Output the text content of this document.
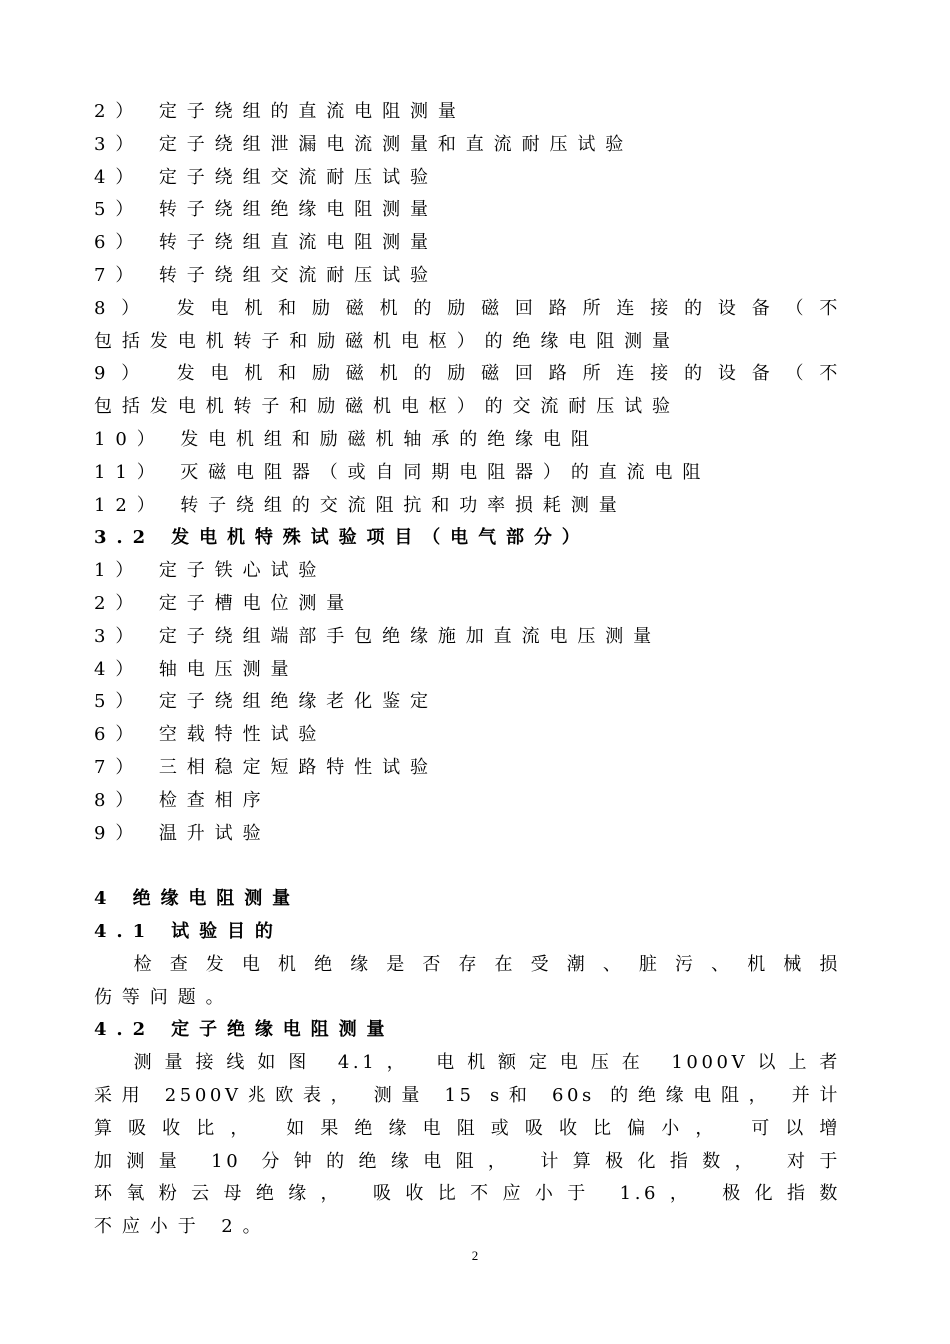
2） 定子绕组的直流电阻测量
3） 定子绕组泄漏电流测量和直流耐压试验
4） 定子绕组交流耐压试验
5） 转子绕组绝缘电阻测量
6） 转子绕组直流电阻测量
7） 转子绕组交流耐压试验
8） 发电机和励磁机的励磁回路所连接的设备（不
包括发电机转子和励磁机电枢）的绝缘电阻测量
9） 发电机和励磁机的励磁回路所连接的设备（不
包括发电机转子和励磁机电枢）的交流耐压试验
10） 发电机组和励磁机轴承的绝缘电阻
11） 灭磁电阻器（或自同期电阻器）的直流电阻
12） 转子绕组的交流阻抗和功率损耗测量
3.2 发电机特殊试验项目（电气部分）
1） 定子铁心试验
2） 定子槽电位测量
3） 定子绕组端部手包绝缘施加直流电压测量
4） 轴电压测量
5） 定子绕组绝缘老化鉴定
6） 空载特性试验
7） 三相稳定短路特性试验
8） 检查相序
9） 温升试验
4 绝缘电阻测量
4.1 试验目的
检查发电机绝缘是否存在受潮、脏污、机械损
伤等问题。
4.2 定子绝缘电阻测量
测量接线如图 4.1， 电机额定电压在 1000V以上者
采用 2500V兆欧表， 测量 15 s和 60s 的绝缘电阻， 并计
算吸收比， 如果绝缘电阻或吸收比偏小， 可以增
加测量 10 分钟的绝缘电阻， 计算极化指数， 对于
环氧粉云母绝缘， 吸收比不应小于 1.6， 极化指数
不应小于 2。
2
